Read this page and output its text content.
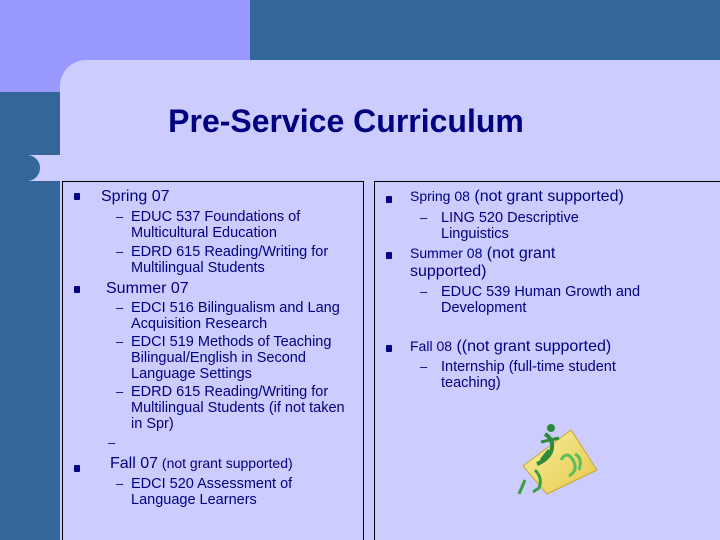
Pre-Service Curriculum
Spring 07
– EDUC 537 Foundations of Multicultural Education
– EDRD 615 Reading/Writing for Multilingual Students
Summer 07
– EDCI 516 Bilingualism and Lang Acquisition Research
– EDCI 519 Methods of Teaching Bilingual/English in Second Language Settings
– EDRD 615 Reading/Writing for Multilingual Students (if not taken in Spr)
–
Fall 07 (not grant supported)
– EDCI 520 Assessment of Language Learners
Spring 08 (not grant supported)
– LING 520 Descriptive Linguistics
Summer 08 (not grant supported)
– EDUC 539 Human Growth and Development
Fall 08 ((not grant supported)
– Internship (full-time student teaching)
